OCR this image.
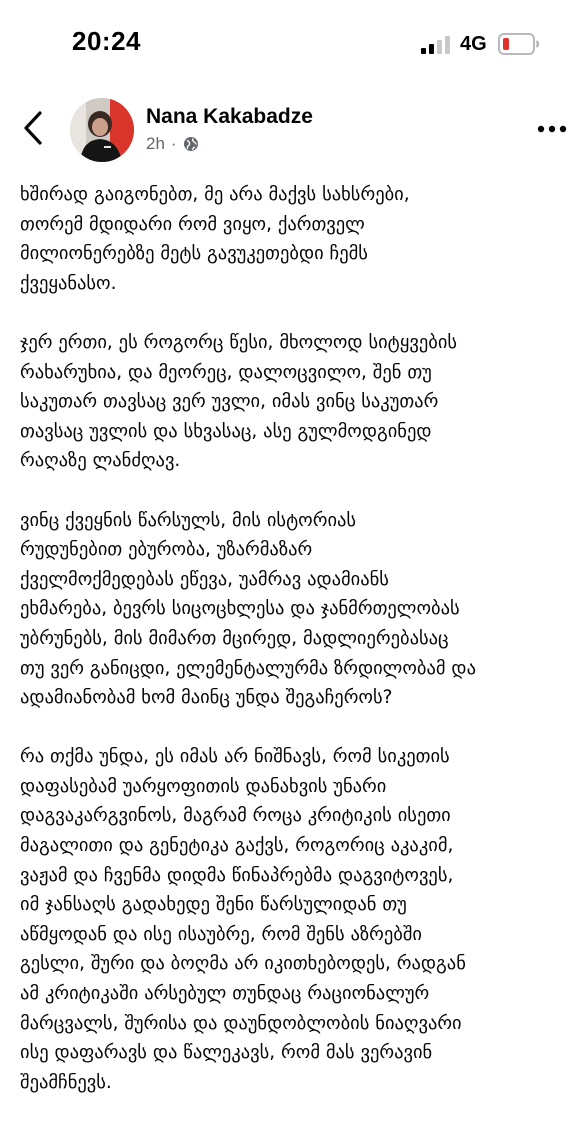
20:24	4G
Nana Kakabadze
2h ·

ხშირად გაიგონებთ, მე არა მაქვს სახსრები,
თორემ მდიდარი რომ ვიყო, ქართველ
მილიონერებზე მეტს გავუკეთებდი ჩემს
ქვეყანასო.

ჯერ ერთი, ეს როგორც წესი, მხოლოდ სიტყვების
რახარუხია, და მეორეც, დალოცვილო, შენ თუ
საკუთარ თავსაც ვერ უვლი, იმას ვინც საკუთარ
თავსაც უვლის და სხვასაც, ასე გულმოდგინედ
რაღაზე ლანძღავ.

ვინც ქვეყნის წარსულს, მის ისტორიას
რუდუნებით ებურობა, უზარმაზარ
ქველმოქმედებას ეწევა, უამრავ ადამიანს
ეხმარება, ბევრს სიცოცხლესა და ჯანმრთელობას
უბრუნებს, მის მიმართ მცირედ, მადლიერებასაც
თუ ვერ განიცდი, ელემენტალურმა ზრდილობამ და
ადამიანობამ ხომ მაინც უნდა შეგაჩეროს?

რა თქმა უნდა, ეს იმას არ ნიშნავს, რომ სიკეთის
დაფასებამ უარყოფითის დანახვის უნარი
დაგვაკარგვინოს, მაგრამ როცა კრიტიკის ისეთი
მაგალითი და გენეტიკა გაქვს, როგორიც აკაკიმ,
ვაჟამ და ჩვენმა დიდმა წინაპრებმა დაგვიტოვეს,
იმ ჯანსაღს გადახედე შენი წარსულიდან თუ
აწმყოდან და ისე ისაუბრე, რომ შენს აზრებში
გესლი, შური და ბოღმა არ იკითხებოდეს, რადგან
ამ კრიტიკაში არსებულ თუნდაც რაციონალურ
მარცვალს, შურისა და დაუნდობლობის ნიაღვარი
ისე დაფარავს და წალეკავს, რომ მას ვერავინ
შეამჩნევს.
